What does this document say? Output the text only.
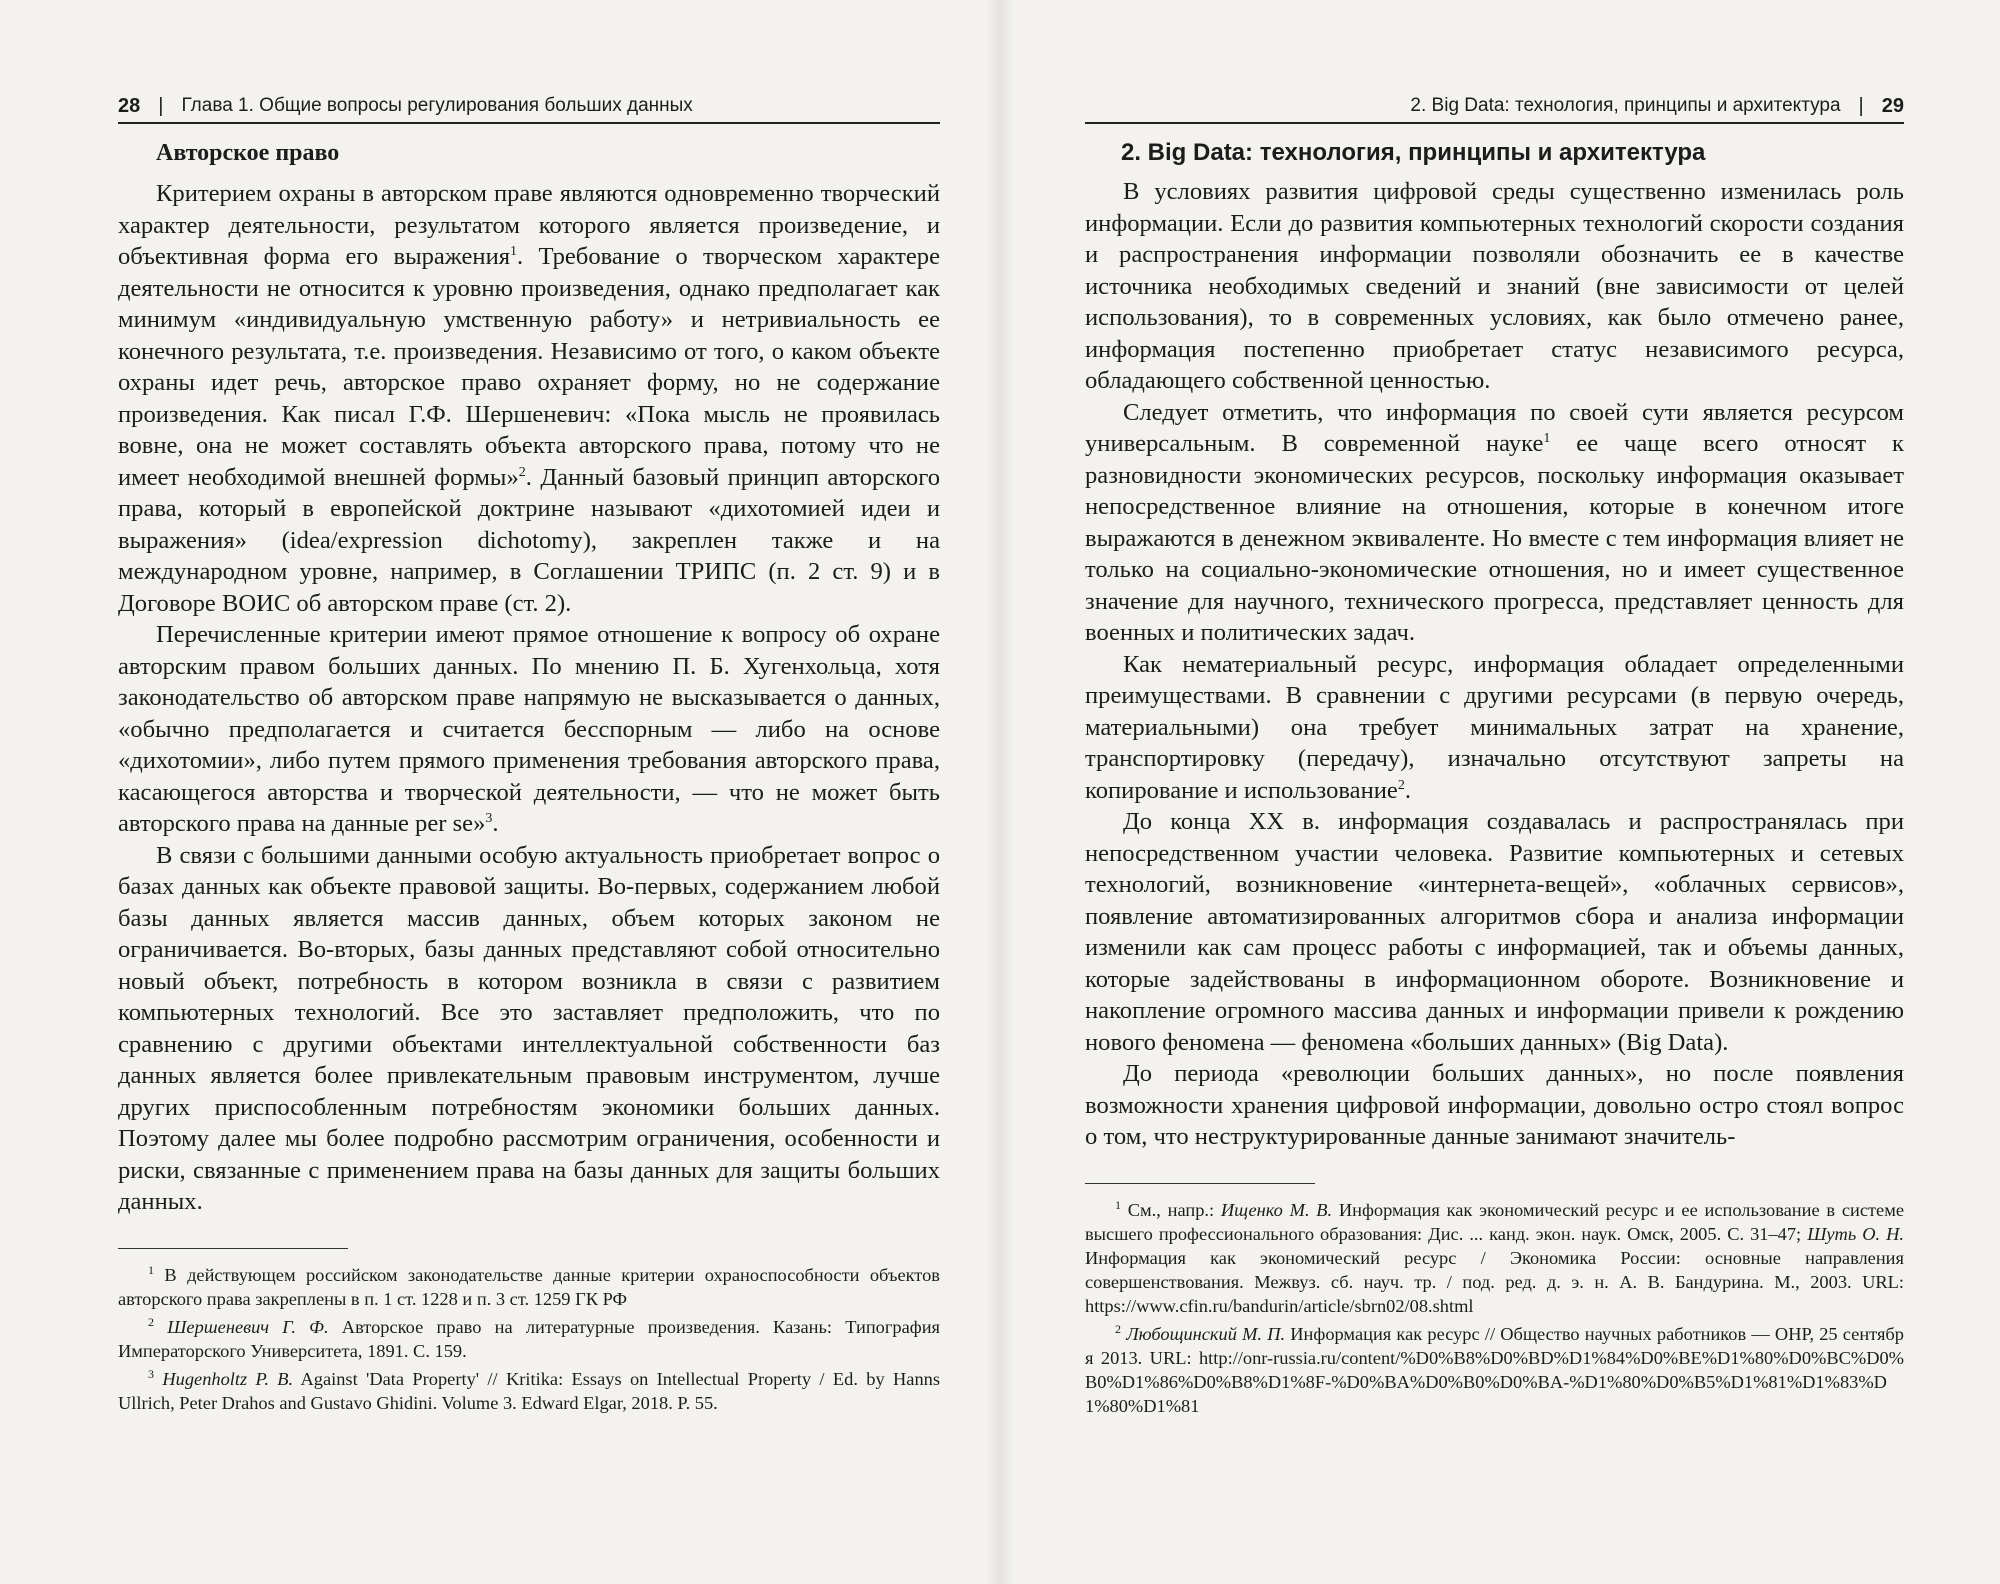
28 | Глава 1. Общие вопросы регулирования больших данных
Авторское право

Критерием охраны в авторском праве являются одновременно творческий характер деятельности, результатом которого является произведение, и объективная форма его выражения$^1$. Требование о творческом характере деятельности не относится к уровню произведения, однако предполагает как минимум «индивидуальную умственную работу» и нетривиальность ее конечного результата, т.е. произведения. Независимо от того, о каком объекте охраны идет речь, авторское право охраняет форму, но не содержание произведения. Как писал Г.Ф. Шершеневич: «Пока мысль не проявилась вовне, она не может составлять объекта авторского права, потому что не имеет необходимой внешней формы»$^2$. Данный базовый принцип авторского права, который в европейской доктрине называют «дихотомией идеи и выражения» (idea/expression dichotomy), закреплен также и на международном уровне, например, в Соглашении ТРИПС (п. 2 ст. 9) и в Договоре ВОИС об авторском праве (ст. 2).

Перечисленные критерии имеют прямое отношение к вопросу об охране авторским правом больших данных. По мнению П. Б. Хугенхольца, хотя законодательство об авторском праве напрямую не высказывается о данных, «обычно предполагается и считается бесспорным — либо на основе «дихотомии», либо путем прямого применения требования авторского права, касающегося авторства и творческой деятельности, — что не может быть авторского права на данные per se»$^3$.

В связи с большими данными особую актуальность приобретает вопрос о базах данных как объекте правовой защиты. Во-первых, содержанием любой базы данных является массив данных, объем которых законом не ограничивается. Во-вторых, базы данных представляют собой относительно новый объект, потребность в котором возникла в связи с развитием компьютерных технологий. Все это заставляет предположить, что по сравнению с другими объектами интеллектуальной собственности баз данных является более привлекательным правовым инструментом, лучше других приспособленным потребностям экономики больших данных. Поэтому далее мы более подробно рассмотрим ограничения, особенности и риски, связанные с применением права на базы данных для защиты больших данных.

$^1$ В действующем российском законодательстве данные критерии охраноспособности объектов авторского права закреплены в п. 1 ст. 1228 и п. 3 ст. 1259 ГК РФ

$^2$ Шершеневич Г. Ф. Авторское право на литературные произведения. Казань: Типография Императорского Университета, 1891. С. 159.

$^3$ Hugenholtz P. B. Against 'Data Property' // Kritika: Essays on Intellectual Property / Ed. by Hanns Ullrich, Peter Drahos and Gustavo Ghidini. Volume 3. Edward Elgar, 2018. P. 55.

2. Big Data: технология, принципы и архитектура | 29
2. Big Data: технология, принципы и архитектура

В условиях развития цифровой среды существенно изменилась роль информации. Если до развития компьютерных технологий скорости создания и распространения информации позволяли обозначить ее в качестве источника необходимых сведений и знаний (вне зависимости от целей использования), то в современных условиях, как было отмечено ранее, информация постепенно приобретает статус независимого ресурса, обладающего собственной ценностью.

Следует отметить, что информация по своей сути является ресурсом универсальным. В современной науке$^1$ ее чаще всего относят к разновидности экономических ресурсов, поскольку информация оказывает непосредственное влияние на отношения, которые в конечном итоге выражаются в денежном эквиваленте. Но вместе с тем информация влияет не только на социально-экономические отношения, но и имеет существенное значение для научного, технического прогресса, представляет ценность для военных и политических задач.

Как нематериальный ресурс, информация обладает определенными преимуществами. В сравнении с другими ресурсами (в первую очередь, материальными) она требует минимальных затрат на хранение, транспортировку (передачу), изначально отсутствуют запреты на копирование и использование$^2$.

До конца XX в. информация создавалась и распространялась при непосредственном участии человека. Развитие компьютерных и сетевых технологий, возникновение «интернета-вещей», «облачных сервисов», появление автоматизированных алгоритмов сбора и анализа информации изменили как сам процесс работы с информацией, так и объемы данных, которые задействованы в информационном обороте. Возникновение и накопление огромного массива данных и информации привели к рождению нового феномена — феномена «больших данных» (Big Data).

До периода «революции больших данных», но после появления возможности хранения цифровой информации, довольно остро стоял вопрос о том, что неструктурированные данные занимают значитель-

$^1$ См., напр.: Ищенко М. В. Информация как экономический ресурс и ее использование в системе высшего профессионального образования: Дис. ... канд. экон. наук. Омск, 2005. С. 31–47; Шуть О. Н. Информация как экономический ресурс / Экономика России: основные направления совершенствования. Межвуз. сб. науч. тр. / под. ред. д. э. н. А. В. Бандурина. М., 2003. URL: https://www.cfin.ru/bandurin/article/sbrn02/08.shtml

$^2$ Любощинский М. П. Информация как ресурс // Общество научных работников — ОНР, 25 сентября 2013. URL: http://onr-russia.ru/content/%D0%B8%D0%BD%D1%84%D0%BE%D1%80%D0%BC%D0%B0%D1%86%D0%B8%D1%8F-%D0%BA%D0%B0%D0%BA-%D1%80%D0%B5%D1%81%D1%83%D1%80%D1%81
